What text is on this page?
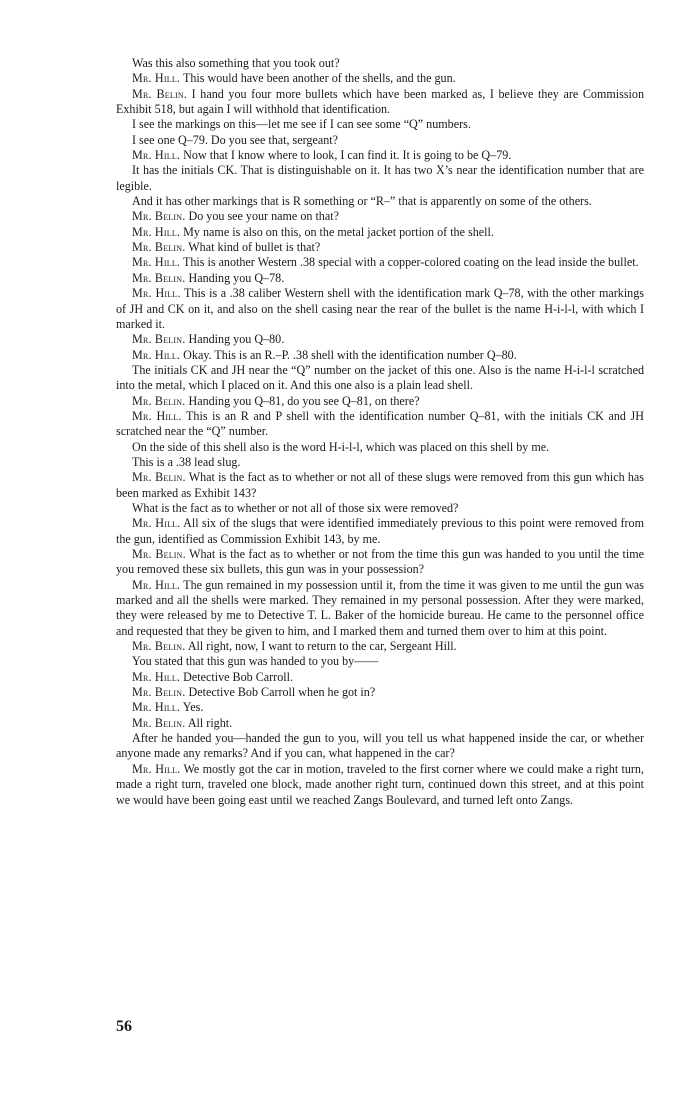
Was this also something that you took out?

Mr. Hill. This would have been another of the shells, and the gun.

Mr. Belin. I hand you four more bullets which have been marked as, I believe they are Commission Exhibit 518, but again I will withhold that identification.

I see the markings on this—let me see if I can see some “Q” numbers.

I see one Q–79. Do you see that, sergeant?

Mr. Hill. Now that I know where to look, I can find it. It is going to be Q–79.

It has the initials CK. That is distinguishable on it. It has two X’s near the identification number that are legible.

And it has other markings that is R something or “R–” that is apparently on some of the others.

Mr. Belin. Do you see your name on that?

Mr. Hill. My name is also on this, on the metal jacket portion of the shell.

Mr. Belin. What kind of bullet is that?

Mr. Hill. This is another Western .38 special with a copper-colored coating on the lead inside the bullet.

Mr. Belin. Handing you Q–78.

Mr. Hill. This is a .38 caliber Western shell with the identification mark Q–78, with the other markings of JH and CK on it, and also on the shell casing near the rear of the bullet is the name H-i-l-l, with which I marked it.

Mr. Belin. Handing you Q–80.

Mr. Hill. Okay. This is an R.–P. .38 shell with the identification number Q–80.

The initials CK and JH near the “Q” number on the jacket of this one. Also is the name H-i-l-l scratched into the metal, which I placed on it. And this one also is a plain lead shell.

Mr. Belin. Handing you Q–81, do you see Q–81, on there?

Mr. Hill. This is an R and P shell with the identification number Q–81, with the initials CK and JH scratched near the “Q” number.

On the side of this shell also is the word H-i-l-l, which was placed on this shell by me.

This is a .38 lead slug.

Mr. Belin. What is the fact as to whether or not all of these slugs were removed from this gun which has been marked as Exhibit 143?

What is the fact as to whether or not all of those six were removed?

Mr. Hill. All six of the slugs that were identified immediately previous to this point were removed from the gun, identified as Commission Exhibit 143, by me.

Mr. Belin. What is the fact as to whether or not from the time this gun was handed to you until the time you removed these six bullets, this gun was in your possession?

Mr. Hill. The gun remained in my possession until it, from the time it was given to me until the gun was marked and all the shells were marked. They remained in my personal possession. After they were marked, they were released by me to Detective T. L. Baker of the homicide bureau. He came to the personnel office and requested that they be given to him, and I marked them and turned them over to him at this point.

Mr. Belin. All right, now, I want to return to the car, Sergeant Hill.

You stated that this gun was handed to you by——

Mr. Hill. Detective Bob Carroll.

Mr. Belin. Detective Bob Carroll when he got in?

Mr. Hill. Yes.

Mr. Belin. All right.

After he handed you—handed the gun to you, will you tell us what happened inside the car, or whether anyone made any remarks? And if you can, what happened in the car?

Mr. Hill. We mostly got the car in motion, traveled to the first corner where we could make a right turn, made a right turn, traveled one block, made another right turn, continued down this street, and at this point we would have been going east until we reached Zangs Boulevard, and turned left onto Zangs.

56
